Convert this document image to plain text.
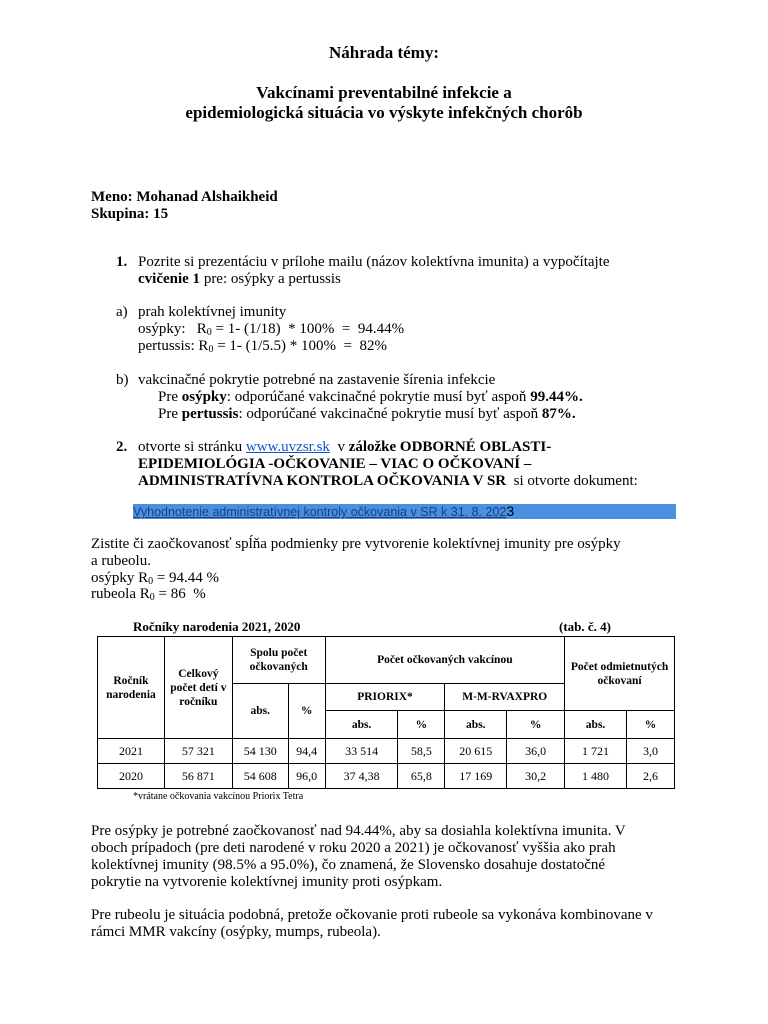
Náhrada témy:
Vakcínami preventabilné infekcie a
epidemiologická situácia vo výskyte infekčných chorôb
Meno: Mohanad Alshaikheid
Skupina: 15
1. Pozrite si prezentáciu v prílohe mailu (názov kolektívna imunita) a vypočítajte
cvičenie 1 pre: osýpky a pertussis
a) prah kolektívnej imunity
osýpky:   $R_0 = 1-$ (1/18)  * 100%  =  94.44%
pertussis: $R_0 = 1-$ (1/5.5) * 100%  =  82%
b) vakcinačné pokrytie potrebné na zastavenie šírenia infekcie
Pre osýpky: odporúčané vakcinačné pokrytie musí byť aspoň 99.44%.
Pre pertussis: odporúčané vakcinačné pokrytie musí byť aspoň 87%.
2. otvorte si stránku www.uvzsr.sk  v záložke ODBORNÉ OBLASTI-
EPIDEMIOLÓGIA -OČKOVANIE – VIAC O OČKOVANÍ –
ADMINISTRATÍVNA KONTROLA OČKOVANIA V SR  si otvorte dokument:
Vyhodnotenie administratívnej kontroly očkovania v SR k 31. 8. 2023
Zistite či zaočkovanosť spĺňa podmienky pre vytvorenie kolektívnej imunity pre osýpky
a rubeolu.
osýpky $R_0 = 94.44$ %
rubeola $R_0 = 86$  %
Ročníky narodenia 2021, 2020	(tab. č. 4)
Ročník narodenia	Celkový počet detí v ročníku	Spolu počet očkovaných		Počet očkovaných vakcínou				Počet odmietnutých očkovaní	
		abs.	%	PRIORIX*		M-M-RVAXPRO			
				abs.	%	abs.	%	abs.	%
2021	57 321	54 130	94,4	33 514	58,5	20 615	36,0	1 721	3,0
2020	56 871	54 608	96,0	37 4,38	65,8	17 169	30,2	1 480	2,6
*vrátane očkovania vakcínou Priorix Tetra
Pre osýpky je potrebné zaočkovanosť nad 94.44%, aby sa dosiahla kolektívna imunita. V
oboch prípadoch (pre deti narodené v roku 2020 a 2021) je očkovanosť vyššia ako prah
kolektívnej imunity (98.5% a 95.0%), čo znamená, že Slovensko dosahuje dostatočné
pokrytie na vytvorenie kolektívnej imunity proti osýpkam.
Pre rubeolu je situácia podobná, pretože očkovanie proti rubeole sa vykonáva kombinovane v
rámci MMR vakcíny (osýpky, mumps, rubeola).
